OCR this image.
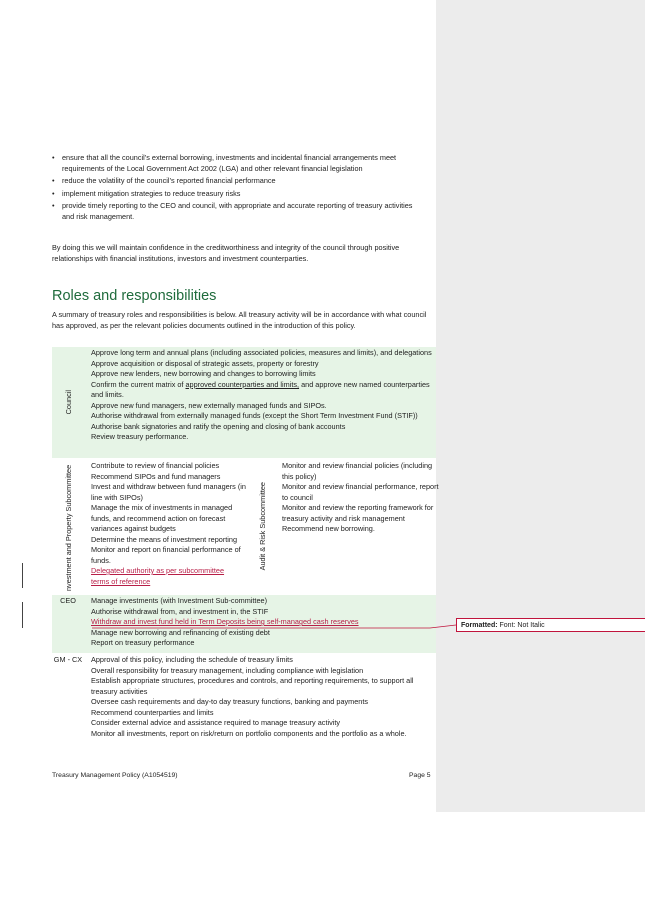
• ensure that all the council’s external borrowing, investments and incidental financial arrangements meet requirements of the Local Government Act 2002 (LGA) and other relevant financial legislation
• reduce the volatility of the council’s reported financial performance
• implement mitigation strategies to reduce treasury risks
• provide timely reporting to the CEO and council, with appropriate and accurate reporting of treasury activities and risk management.

By doing this we will maintain confidence in the creditworthiness and integrity of the council through positive relationships with financial institutions, investors and investment counterparties.

Roles and responsibilities

A summary of treasury roles and responsibilities is below. All treasury activity will be in accordance with what council has approved, as per the relevant policies documents outlined in the introduction of this policy.

Council
Approve long term and annual plans (including associated policies, measures and limits), and delegations
Approve acquisition or disposal of strategic assets, property or forestry
Approve new lenders, new borrowing and changes to borrowing limits
Confirm the current matrix of approved counterparties and limits, and approve new named counterparties and limits.
Approve new fund managers, new externally managed funds and SIPOs.
Authorise withdrawal from externally managed funds (except the Short Term Investment Fund (STIF))
Authorise bank signatories and ratify the opening and closing of bank accounts
Review treasury performance.
nvestment and Property Subcommittee Contribute to review of financial policies
Recommend SIPOs and fund managers
Invest and withdraw between fund managers (in line with SIPOs)
Manage the mix of investments in managed funds, and recommend action on forecast variances against budgets
Determine the means of investment reporting
Monitor and report on financial performance of funds.
Delegated authority as per subcommittee
terms of reference
Audit & Risk Subcommittee
Monitor and review financial policies (including this policy)
Monitor and review financial performance, report to council
Monitor and review the reporting framework for treasury activity and risk management
Recommend new borrowing.
CEO	Manage investments (with Investment Sub-committee)
Authorise withdrawal from, and investment in, the STIF
Withdraw and invest fund held in Term Deposits being self-managed cash reserves
Manage new borrowing and refinancing of existing debt
Report on treasury performance
GM - CX Approval of this policy, including the schedule of treasury limits
Overall responsibility for treasury management, including compliance with legislation
Establish appropriate structures, procedures and controls, and reporting requirements, to support all treasury activities
Oversee cash requirements and day-to day treasury functions, banking and payments
Recommend counterparties and limits
Consider external advice and assistance required to manage treasury activity
Monitor all investments, report on risk/return on portfolio components and the portfolio as a whole.
Treasury Management Policy (A1054519)	Page 5
Formatted: Font: Not Italic
